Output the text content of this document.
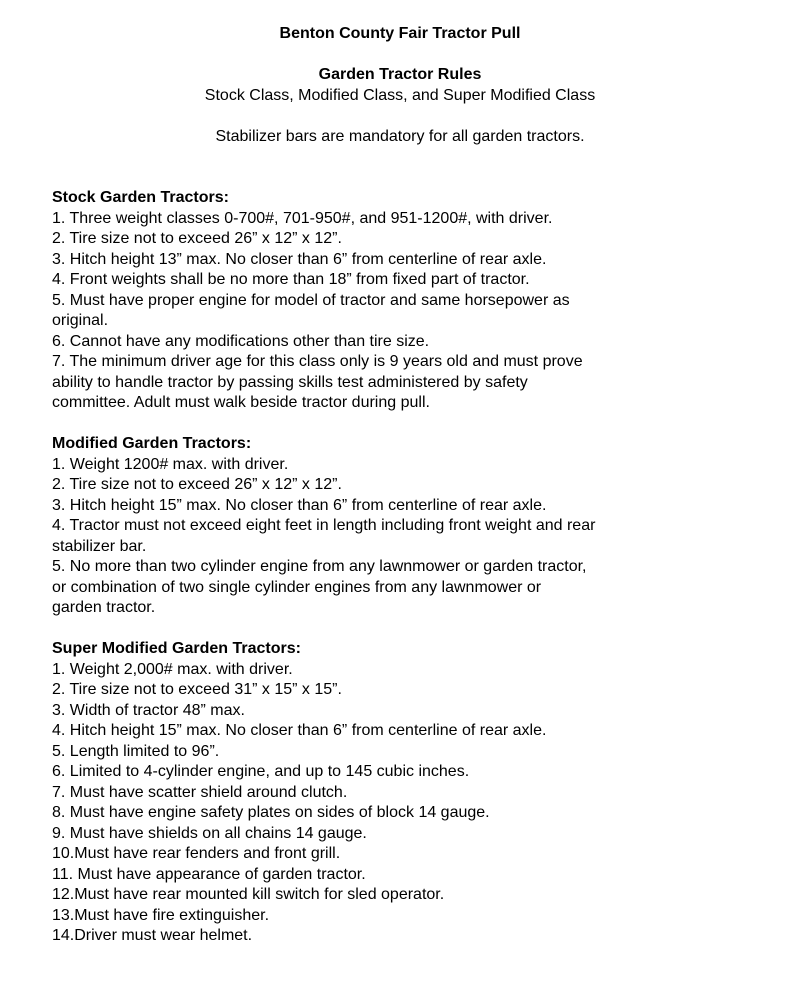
Benton County Fair Tractor Pull
Garden Tractor Rules
Stock Class, Modified Class, and Super Modified Class
Stabilizer bars are mandatory for all garden tractors.
Stock Garden Tractors:
1. Three weight classes 0-700#, 701-950#, and 951-1200#, with driver.
2. Tire size not to exceed 26” x 12” x 12”.
3. Hitch height 13” max. No closer than 6” from centerline of rear axle.
4. Front weights shall be no more than 18” from fixed part of tractor.
5. Must have proper engine for model of tractor and same horsepower as
original.
6. Cannot have any modifications other than tire size.
7. The minimum driver age for this class only is 9 years old and must prove
ability to handle tractor by passing skills test administered by safety
committee. Adult must walk beside tractor during pull.
Modified Garden Tractors:
1. Weight 1200# max. with driver.
2. Tire size not to exceed 26” x 12” x 12”.
3. Hitch height 15” max. No closer than 6” from centerline of rear axle.
4. Tractor must not exceed eight feet in length including front weight and rear
stabilizer bar.
5. No more than two cylinder engine from any lawnmower or garden tractor,
or combination of two single cylinder engines from any lawnmower or
garden tractor.
Super Modified Garden Tractors:
1. Weight 2,000# max. with driver.
2. Tire size not to exceed 31” x 15” x 15”.
3. Width of tractor 48” max.
4. Hitch height 15” max. No closer than 6” from centerline of rear axle.
5. Length limited to 96”.
6. Limited to 4-cylinder engine, and up to 145 cubic inches.
7. Must have scatter shield around clutch.
8. Must have engine safety plates on sides of block 14 gauge.
9. Must have shields on all chains 14 gauge.
10.Must have rear fenders and front grill.
11. Must have appearance of garden tractor.
12.Must have rear mounted kill switch for sled operator.
13.Must have fire extinguisher.
14.Driver must wear helmet.
